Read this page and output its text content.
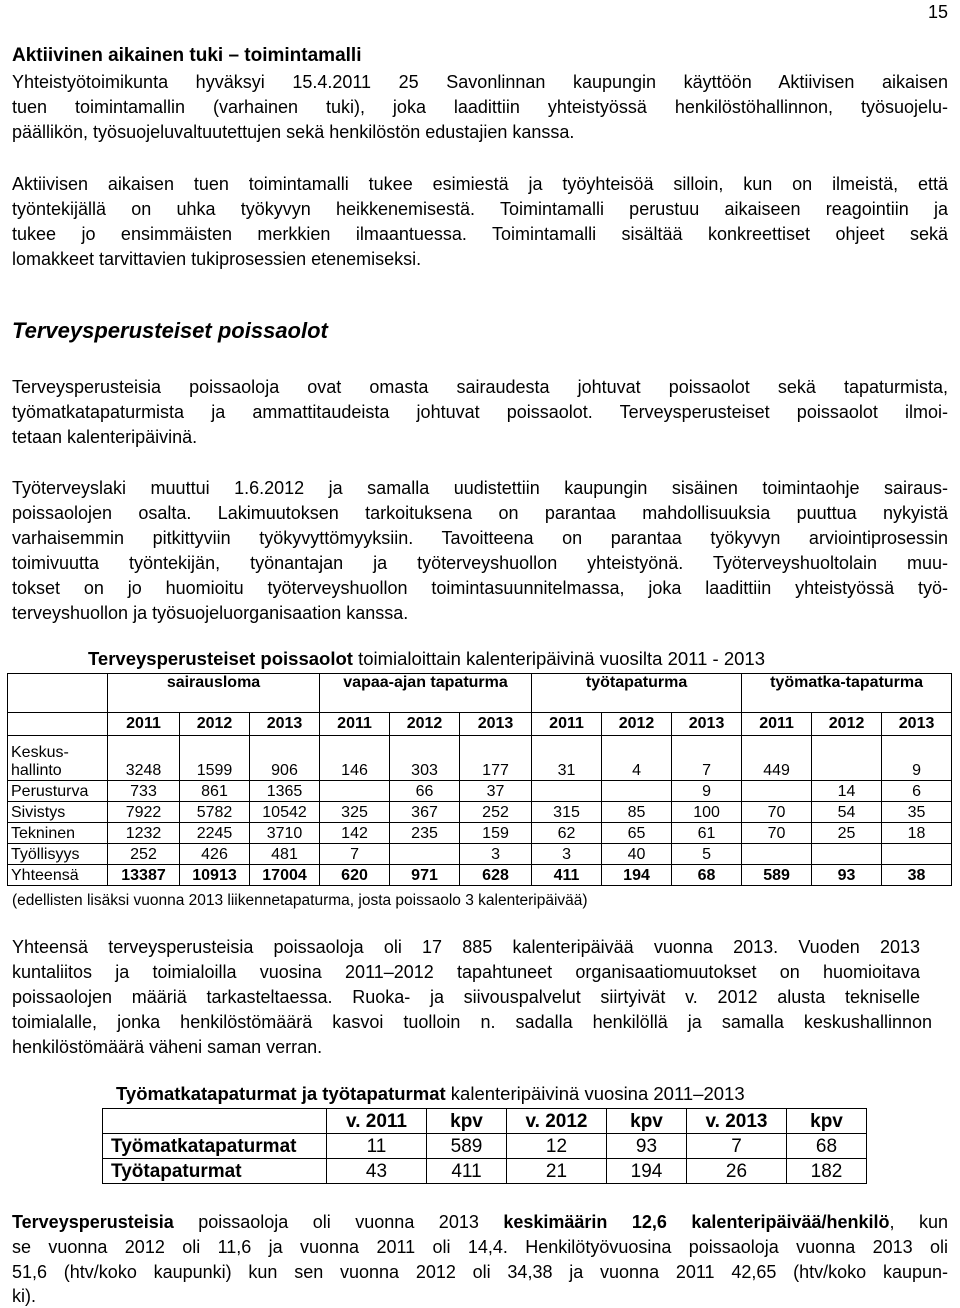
15
Aktiivinen aikainen tuki – toimintamalli
Yhteistyötoimikunta hyväksyi 15.4.2011 25 Savonlinnan kaupungin käyttöön Aktiivisen aikaisen
tuen toimintamallin (varhainen tuki), joka laadittiin yhteistyössä henkilöstöhallinnon, työsuojelu-
päällikön, työsuojeluvaltuutettujen sekä henkilöstön edustajien kanssa.
Aktiivisen aikaisen tuen toimintamalli tukee esimiestä ja työyhteisöä silloin, kun on ilmeistä, että
työntekijällä on uhka työkyvyn heikkenemisestä. Toimintamalli perustuu aikaiseen reagointiin ja
tukee jo ensimmäisten merkkien ilmaantuessa. Toimintamalli sisältää konkreettiset ohjeet sekä
lomakkeet tarvittavien tukiprosessien etenemiseksi.
Terveysperusteiset poissaolot
Terveysperusteisia poissaoloja ovat omasta sairaudesta johtuvat poissaolot sekä tapaturmista,
työmatkatapaturmista ja ammattitaudeista johtuvat poissaolot. Terveysperusteiset poissaolot ilmoi-
tetaan kalenteripäivinä.
Työterveyslaki muuttui 1.6.2012 ja samalla uudistettiin kaupungin sisäinen toimintaohje sairaus-
poissaolojen osalta. Lakimuutoksen tarkoituksena on parantaa mahdollisuuksia puuttua nykyistä
varhaisemmin pitkittyviin työkyvyttömyyksiin. Tavoitteena on parantaa työkyvyn arviointiprosessin
toimivuutta työntekijän, työnantajan ja työterveyshuollon yhteistyönä. Työterveyshuoltolain muu-
tokset on jo huomioitu työterveyshuollon toimintasuunnitelmassa, joka laadittiin yhteistyössä työ-
terveyshuollon ja työsuojeluorganisaation kanssa.
Terveysperusteiset poissaolot toimialoittain kalenteripäivinä vuosilta 2011 - 2013
	sairausloma			vapaa-ajan tapaturma			työtapaturma			työmatka-tapaturma		
	2011	2012	2013	2011	2012	2013	2011	2012	2013	2011	2012	2013
Keskus-hallinto	3248	1599	906	146	303	177	31	4	7	449		9
Perusturva	733	861	1365		66	37			9		14	6
Sivistys	7922	5782	10542	325	367	252	315	85	100	70	54	35
Tekninen	1232	2245	3710	142	235	159	62	65	61	70	25	18
Työllisyys	252	426	481	7		3	3	40	5			
Yhteensä	13387	10913	17004	620	971	628	411	194	68	589	93	38
(edellisten lisäksi vuonna 2013 liikennetapaturma, josta poissaolo 3 kalenteripäivää)
Yhteensä terveysperusteisia poissaoloja oli 17 885 kalenteripäivää vuonna 2013. Vuoden 2013
kuntaliitos ja toimialoilla vuosina 2011–2012 tapahtuneet organisaatiomuutokset on huomioitava
poissaolojen määriä tarkasteltaessa. Ruoka- ja siivouspalvelut siirtyivät v. 2012 alusta tekniselle
toimialalle, jonka henkilöstömäärä kasvoi tuolloin n. sadalla henkilöllä ja samalla keskushallinnon
henkilöstömäärä väheni saman verran.
Työmatkatapaturmat ja työtapaturmat kalenteripäivinä vuosina 2011–2013
	v. 2011	kpv	v. 2012	kpv	v. 2013	kpv
Työmatkatapaturmat	11	589	12	93	7	68
Työtapaturmat	43	411	21	194	26	182
Terveysperusteisia poissaoloja oli vuonna 2013 keskimäärin 12,6 kalenteripäivää/henkilö, kun
se vuonna 2012 oli 11,6 ja vuonna 2011 oli 14,4. Henkilötyövuosina poissaoloja vuonna 2013 oli
51,6 (htv/koko kaupunki) kun sen vuonna 2012 oli 34,38 ja vuonna 2011 42,65 (htv/koko kaupun-
ki).
